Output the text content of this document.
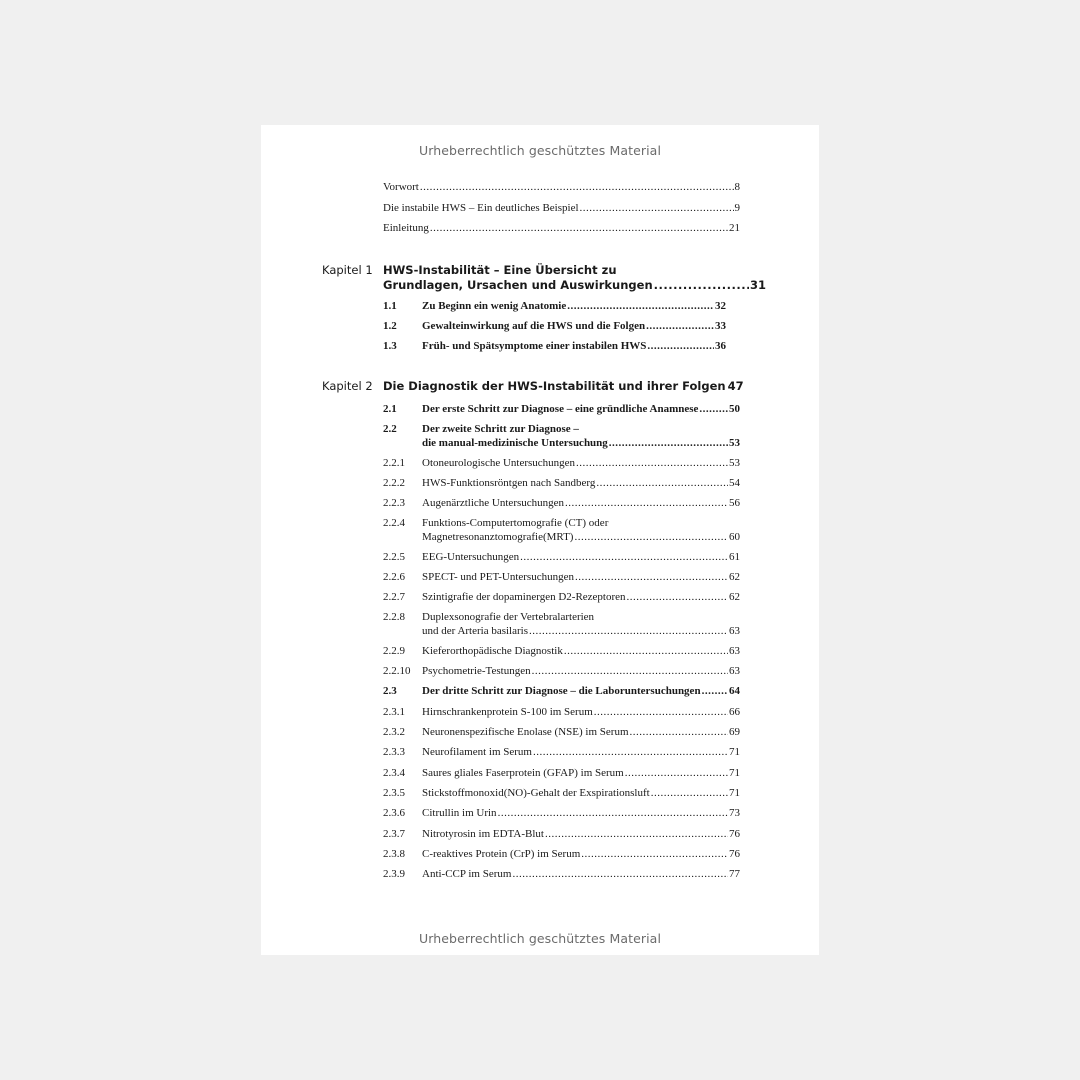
Urheberrechtlich geschütztes Material
Vorwort .....	8
Die instabile HWS – Ein deutliches Beispiel .....	9
Einleitung .....	21
Kapitel 1 HWS-Instabilität – Eine Übersicht zu
Grundlagen, Ursachen und Auswirkungen .....	31
1.1 Zu Beginn ein wenig Anatomie .....	32
1.2 Gewalteinwirkung auf die HWS und die Folgen .....	33
1.3 Früh- und Spätsymptome einer instabilen HWS .....	36
Kapitel 2 Die Diagnostik der HWS-Instabilität und ihrer Folgen 47
2.1 Der erste Schritt zur Diagnose – eine gründliche Anamnese .....	50
2.2 Der zweite Schritt zur Diagnose –
die manual-medizinische Untersuchung .....	53
2.2.1 Otoneurologische Untersuchungen .....	53
2.2.2 HWS-Funktionsröntgen nach Sandberg .....	54
2.2.3 Augenärztliche Untersuchungen .....	56
2.2.4 Funktions-Computertomografie (CT) oder
Magnetresonanztomografie(MRT) .....	60
2.2.5 EEG-Untersuchungen .....	61
2.2.6 SPECT- und PET-Untersuchungen .....	62
2.2.7 Szintigrafie der dopaminergen D2-Rezeptoren .....	62
2.2.8 Duplexsonografie der Vertebralarterien
und der Arteria basilaris .....	63
2.2.9 Kieferorthopädische Diagnostik .....	63
2.2.10 Psychometrie-Testungen .....	63
2.3 Der dritte Schritt zur Diagnose – die Laboruntersuchungen .....	64
2.3.1 Hirnschrankenprotein S-100 im Serum .....	66
2.3.2 Neuronenspezifische Enolase (NSE) im Serum .....	69
2.3.3 Neurofilament im Serum .....	71
2.3.4 Saures gliales Faserprotein (GFAP) im Serum .....	71
2.3.5 Stickstoffmonoxid(NO)-Gehalt der Exspirationsluft .....	71
2.3.6 Citrullin im Urin .....	73
2.3.7 Nitrotyrosin im EDTA-Blut .....	76
2.3.8 C-reaktives Protein (CrP) im Serum .....	76
2.3.9 Anti-CCP im Serum .....	77
Urheberrechtlich geschütztes Material
